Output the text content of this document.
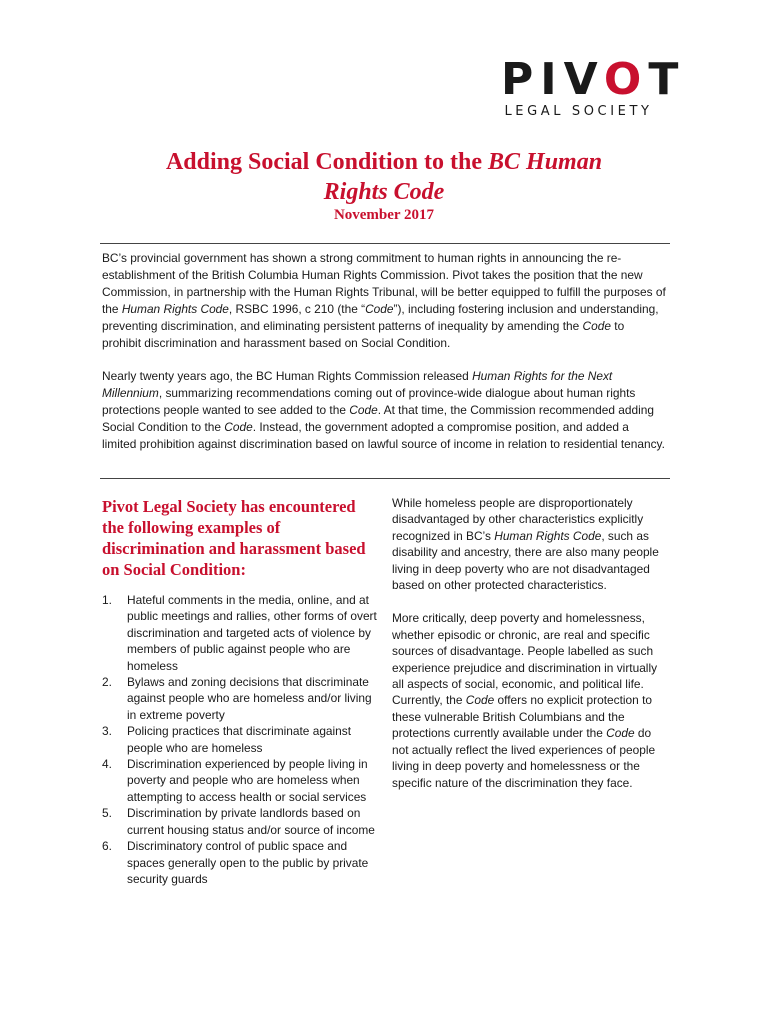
PIVOT
LEGAL SOCIETY
Adding Social Condition to the BC Human
Rights Code
November 2017

BC’s provincial government has shown a strong commitment to human rights in announcing the re-establishment of the British Columbia Human Rights Commission. Pivot takes the position that the new Commission, in partnership with the Human Rights Tribunal, will be better equipped to fulfill the purposes of the Human Rights Code, RSBC 1996, c 210 (the “Code”), including fostering inclusion and understanding, preventing discrimination, and eliminating persistent patterns of inequality by amending the Code to prohibit discrimination and harassment based on Social Condition.

Nearly twenty years ago, the BC Human Rights Commission released Human Rights for the Next Millennium, summarizing recommendations coming out of province-wide dialogue about human rights protections people wanted to see added to the Code. At that time, the Commission recommended adding Social Condition to the Code. Instead, the government adopted a compromise position, and added a limited prohibition against discrimination based on lawful source of income in relation to residential tenancy.

Pivot Legal Society has encountered the following examples of discrimination and harassment based on Social Condition:
1. Hateful comments in the media, online, and at public meetings and rallies, other forms of overt discrimination and targeted acts of violence by members of public against people who are homeless
2. Bylaws and zoning decisions that discriminate against people who are homeless and/or living in extreme poverty
3. Policing practices that discriminate against people who are homeless
4. Discrimination experienced by people living in poverty and people who are homeless when attempting to access health or social services
5. Discrimination by private landlords based on current housing status and/or source of income
6. Discriminatory control of public space and spaces generally open to the public by private security guards

While homeless people are disproportionately disadvantaged by other characteristics explicitly recognized in BC’s Human Rights Code, such as disability and ancestry, there are also many people living in deep poverty who are not disadvantaged based on other protected characteristics.

More critically, deep poverty and homelessness, whether episodic or chronic, are real and specific sources of disadvantage. People labelled as such experience prejudice and discrimination in virtually all aspects of social, economic, and political life. Currently, the Code offers no explicit protection to these vulnerable British Columbians and the protections currently available under the Code do not actually reflect the lived experiences of people living in deep poverty and homelessness or the specific nature of the discrimination they face.
